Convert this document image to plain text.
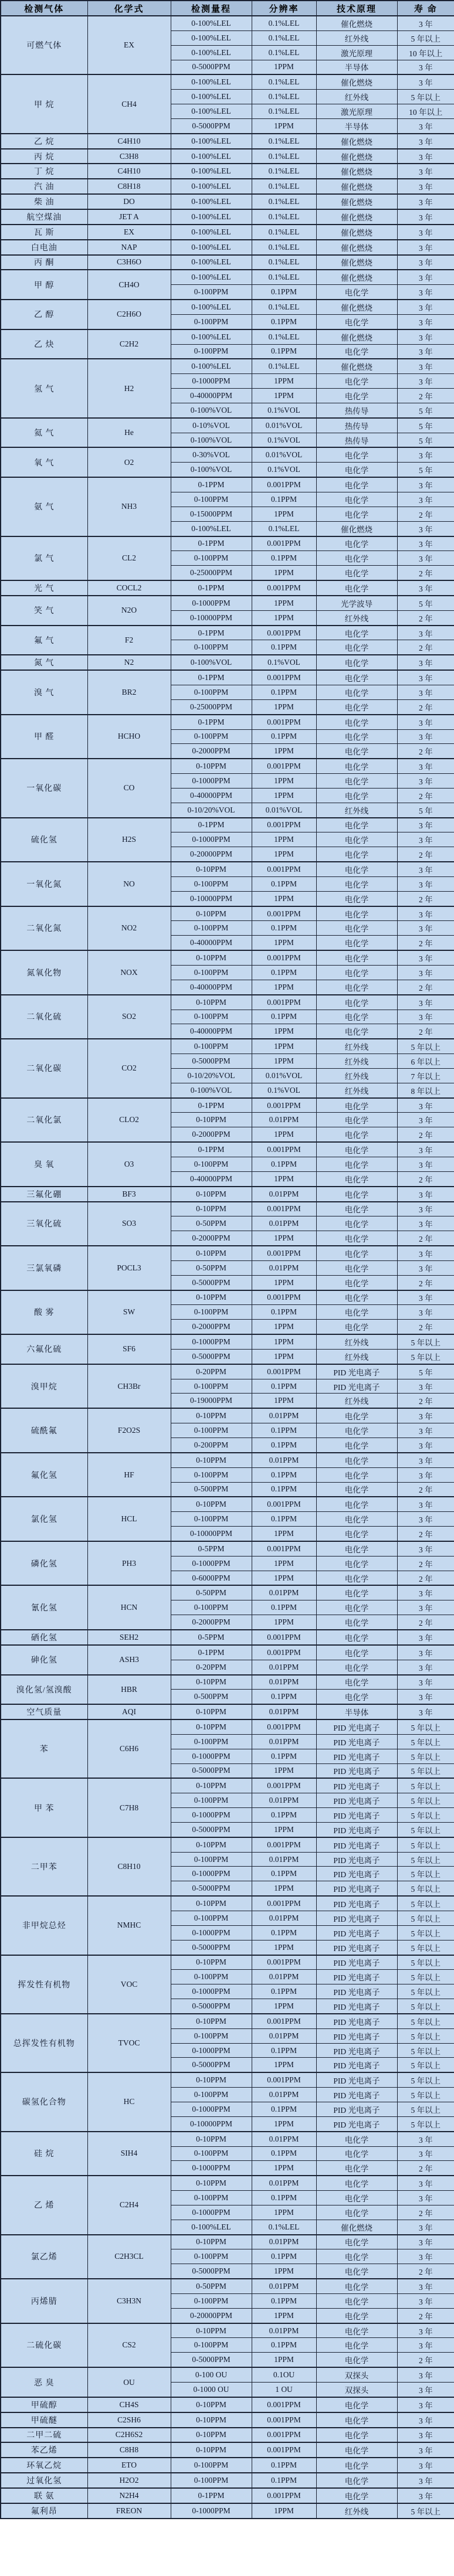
检测气体	化学式	检测量程	分辨率	技术原理	寿 命
可燃气体	EX	0-100%LEL	0.1%LEL	催化燃烧	3 年
		0-100%LEL	0.1%LEL	红外线	5 年以上
		0-100%LEL	0.1%LEL	激光原理	10 年以上
		0-5000PPM	1PPM	半导体	3 年
甲 烷	CH4	0-100%LEL	0.1%LEL	催化燃烧	3 年
		0-100%LEL	0.1%LEL	红外线	5 年以上
		0-100%LEL	0.1%LEL	激光原理	10 年以上
		0-5000PPM	1PPM	半导体	3 年
乙 烷	C4H10	0-100%LEL	0.1%LEL	催化燃烧	3 年
丙 烷	C3H8	0-100%LEL	0.1%LEL	催化燃烧	3 年
丁 烷	C4H10	0-100%LEL	0.1%LEL	催化燃烧	3 年
汽 油	C8H18	0-100%LEL	0.1%LEL	催化燃烧	3 年
柴 油	DO	0-100%LEL	0.1%LEL	催化燃烧	3 年
航空煤油	JET A	0-100%LEL	0.1%LEL	催化燃烧	3 年
瓦 斯	EX	0-100%LEL	0.1%LEL	催化燃烧	3 年
白电油	NAP	0-100%LEL	0.1%LEL	催化燃烧	3 年
丙 酮	C3H6O	0-100%LEL	0.1%LEL	催化燃烧	3 年
甲 醇	CH4O	0-100%LEL	0.1%LEL	催化燃烧	3 年
		0-100PPM	0.1PPM	电化学	3 年
乙 醇	C2H6O	0-100%LEL	0.1%LEL	催化燃烧	3 年
		0-100PPM	0.1PPM	电化学	3 年
乙 炔	C2H2	0-100%LEL	0.1%LEL	催化燃烧	3 年
		0-100PPM	0.1PPM	电化学	3 年
氢 气	H2	0-100%LEL	0.1%LEL	催化燃烧	3 年
		0-1000PPM	1PPM	电化学	3 年
		0-40000PPM	1PPM	电化学	2 年
		0-100%VOL	0.1%VOL	热传导	5 年
氦 气	He	0-10%VOL	0.01%VOL	热传导	5 年
		0-100%VOL	0.1%VOL	热传导	5 年
氧 气	O2	0-30%VOL	0.01%VOL	电化学	3 年
		0-100%VOL	0.1%VOL	电化学	5 年
氨 气	NH3	0-1PPM	0.001PPM	电化学	3 年
		0-100PPM	0.1PPM	电化学	3 年
		0-15000PPM	1PPM	电化学	2 年
		0-100%LEL	0.1%LEL	催化燃烧	3 年
氯 气	CL2	0-1PPM	0.001PPM	电化学	3 年
		0-100PPM	0.1PPM	电化学	3 年
		0-25000PPM	1PPM	电化学	2 年
光 气	COCL2	0-1PPM	0.001PPM	电化学	3 年
笑 气	N2O	0-1000PPM	1PPM	光学波导	5 年
		0-10000PPM	1PPM	红外线	2 年
氟 气	F2	0-1PPM	0.001PPM	电化学	3 年
		0-100PPM	0.1PPM	电化学	2 年
氮 气	N2	0-100%VOL	0.1%VOL	电化学	3 年
溴 气	BR2	0-1PPM	0.001PPM	电化学	3 年
		0-100PPM	0.1PPM	电化学	3 年
		0-25000PPM	1PPM	电化学	2 年
甲 醛	HCHO	0-1PPM	0.001PPM	电化学	3 年
		0-100PPM	0.1PPM	电化学	3 年
		0-2000PPM	1PPM	电化学	2 年
一氧化碳	CO	0-10PPM	0.001PPM	电化学	3 年
		0-1000PPM	1PPM	电化学	3 年
		0-40000PPM	1PPM	电化学	2 年
		0-10/20%VOL	0.01%VOL	红外线	5 年
硫化氢	H2S	0-1PPM	0.001PPM	电化学	3 年
		0-1000PPM	1PPM	电化学	3 年
		0-20000PPM	1PPM	电化学	2 年
一氧化氮	NO	0-10PPM	0.001PPM	电化学	3 年
		0-100PPM	0.1PPM	电化学	3 年
		0-10000PPM	1PPM	电化学	2 年
二氧化氮	NO2	0-10PPM	0.001PPM	电化学	3 年
		0-100PPM	0.1PPM	电化学	3 年
		0-40000PPM	1PPM	电化学	2 年
氮氧化物	NOX	0-10PPM	0.001PPM	电化学	3 年
		0-100PPM	0.1PPM	电化学	3 年
		0-40000PPM	1PPM	电化学	2 年
二氧化硫	SO2	0-10PPM	0.001PPM	电化学	3 年
		0-100PPM	0.1PPM	电化学	3 年
		0-40000PPM	1PPM	电化学	2 年
二氧化碳	CO2	0-100PPM	1PPM	红外线	5 年以上
		0-5000PPM	1PPM	红外线	6 年以上
		0-10/20%VOL	0.01%VOL	红外线	7 年以上
		0-100%VOL	0.1%VOL	红外线	8 年以上
二氧化氯	CLO2	0-1PPM	0.001PPM	电化学	3 年
		0-10PPM	0.01PPM	电化学	3 年
		0-2000PPM	1PPM	电化学	2 年
臭 氧	O3	0-1PPM	0.001PPM	电化学	3 年
		0-100PPM	0.1PPM	电化学	3 年
		0-40000PPM	1PPM	电化学	2 年
三氟化硼	BF3	0-10PPM	0.01PPM	电化学	3 年
三氧化硫	SO3	0-10PPM	0.001PPM	电化学	3 年
		0-50PPM	0.01PPM	电化学	3 年
		0-2000PPM	1PPM	电化学	2 年
三氯氧磷	POCL3	0-10PPM	0.001PPM	电化学	3 年
		0-50PPM	0.01PPM	电化学	3 年
		0-5000PPM	1PPM	电化学	2 年
酸 雾	SW	0-10PPM	0.001PPM	电化学	3 年
		0-100PPM	0.1PPM	电化学	3 年
		0-2000PPM	1PPM	电化学	2 年
六氟化硫	SF6	0-1000PPM	1PPM	红外线	5 年以上
		0-5000PPM	1PPM	红外线	5 年以上
溴甲烷	CH3Br	0-20PPM	0.001PPM	PID 光电离子	5 年
		0-100PPM	0.1PPM	PID 光电离子	3 年
		0-19000PPM	1PPM	红外线	2 年
硫酰氟	F2O2S	0-10PPM	0.01PPM	电化学	3 年
		0-100PPM	0.1PPM	电化学	3 年
		0-200PPM	0.1PPM	电化学	3 年
氟化氢	HF	0-10PPM	0.01PPM	电化学	3 年
		0-100PPM	0.1PPM	电化学	3 年
		0-500PPM	0.1PPM	电化学	2 年
氯化氢	HCL	0-10PPM	0.001PPM	电化学	3 年
		0-100PPM	0.1PPM	电化学	3 年
		0-10000PPM	1PPM	电化学	2 年
磷化氢	PH3	0-5PPM	0.001PPM	电化学	3 年
		0-1000PPM	1PPM	电化学	2 年
		0-6000PPM	1PPM	电化学	2 年
氰化氢	HCN	0-50PPM	0.01PPM	电化学	3 年
		0-100PPM	0.1PPM	电化学	3 年
		0-2000PPM	1PPM	电化学	2 年
硒化氢	SEH2	0-5PPM	0.001PPM	电化学	3 年
砷化氢	ASH3	0-1PPM	0.001PPM	电化学	3 年
		0-20PPM	0.01PPM	电化学	3 年
溴化氢/氢溴酸	HBR	0-10PPM	0.01PPM	电化学	3 年
		0-500PPM	0.1PPM	电化学	3 年
空气质量	AQI	0-10PPM	0.01PPM	半导体	3 年
苯	C6H6	0-10PPM	0.001PPM	PID 光电离子	5 年以上
		0-100PPM	0.01PPM	PID 光电离子	5 年以上
		0-1000PPM	0.1PPM	PID 光电离子	5 年以上
		0-5000PPM	1PPM	PID 光电离子	5 年以上
甲 苯	C7H8	0-10PPM	0.001PPM	PID 光电离子	5 年以上
		0-100PPM	0.01PPM	PID 光电离子	5 年以上
		0-1000PPM	0.1PPM	PID 光电离子	5 年以上
		0-5000PPM	1PPM	PID 光电离子	5 年以上
二甲苯	C8H10	0-10PPM	0.001PPM	PID 光电离子	5 年以上
		0-100PPM	0.01PPM	PID 光电离子	5 年以上
		0-1000PPM	0.1PPM	PID 光电离子	5 年以上
		0-5000PPM	1PPM	PID 光电离子	5 年以上
非甲烷总烃	NMHC	0-10PPM	0.001PPM	PID 光电离子	5 年以上
		0-100PPM	0.01PPM	PID 光电离子	5 年以上
		0-1000PPM	0.1PPM	PID 光电离子	5 年以上
		0-5000PPM	1PPM	PID 光电离子	5 年以上
挥发性有机物	VOC	0-10PPM	0.001PPM	PID 光电离子	5 年以上
		0-100PPM	0.01PPM	PID 光电离子	5 年以上
		0-1000PPM	0.1PPM	PID 光电离子	5 年以上
		0-5000PPM	1PPM	PID 光电离子	5 年以上
总挥发性有机物	TVOC	0-10PPM	0.001PPM	PID 光电离子	5 年以上
		0-100PPM	0.01PPM	PID 光电离子	5 年以上
		0-1000PPM	0.1PPM	PID 光电离子	5 年以上
		0-5000PPM	1PPM	PID 光电离子	5 年以上
碳氢化合物	HC	0-10PPM	0.001PPM	PID 光电离子	5 年以上
		0-100PPM	0.01PPM	PID 光电离子	5 年以上
		0-1000PPM	0.1PPM	PID 光电离子	5 年以上
		0-10000PPM	1PPM	PID 光电离子	5 年以上
硅 烷	SIH4	0-10PPM	0.01PPM	电化学	3 年
		0-100PPM	0.1PPM	电化学	3 年
		0-1000PPM	1PPM	电化学	2 年
乙 烯	C2H4	0-10PPM	0.01PPM	电化学	3 年
		0-100PPM	0.1PPM	电化学	3 年
		0-1000PPM	1PPM	电化学	2 年
		0-100%LEL	0.1%LEL	催化燃烧	3 年
氯乙烯	C2H3CL	0-10PPM	0.01PPM	电化学	3 年
		0-100PPM	0.1PPM	电化学	3 年
		0-5000PPM	1PPM	电化学	2 年
丙烯腈	C3H3N	0-50PPM	0.01PPM	电化学	3 年
		0-100PPM	0.1PPM	电化学	3 年
		0-20000PPM	1PPM	电化学	2 年
二硫化碳	CS2	0-10PPM	0.01PPM	电化学	3 年
		0-100PPM	0.1PPM	电化学	3 年
		0-5000PPM	1PPM	电化学	2 年
恶 臭	OU	0-100 OU	0.1OU	双探头	3 年
		0-1000 OU	1 OU	双探头	3 年
甲硫醇	CH4S	0-10PPM	0.001PPM	电化学	3 年
甲硫醚	C2SH6	0-10PPM	0.001PPM	电化学	3 年
二甲二硫	C2H6S2	0-10PPM	0.001PPM	电化学	3 年
苯乙烯	C8H8	0-10PPM	0.001PPM	电化学	3 年
环氧乙烷	ETO	0-100PPM	0.1PPM	电化学	3 年
过氧化氢	H2O2	0-100PPM	0.1PPM	电化学	3 年
联 氨	N2H4	0-1PPM	0.001PPM	电化学	3 年
氟利昂	FREON	0-1000PPM	1PPM	红外线	5 年以上
